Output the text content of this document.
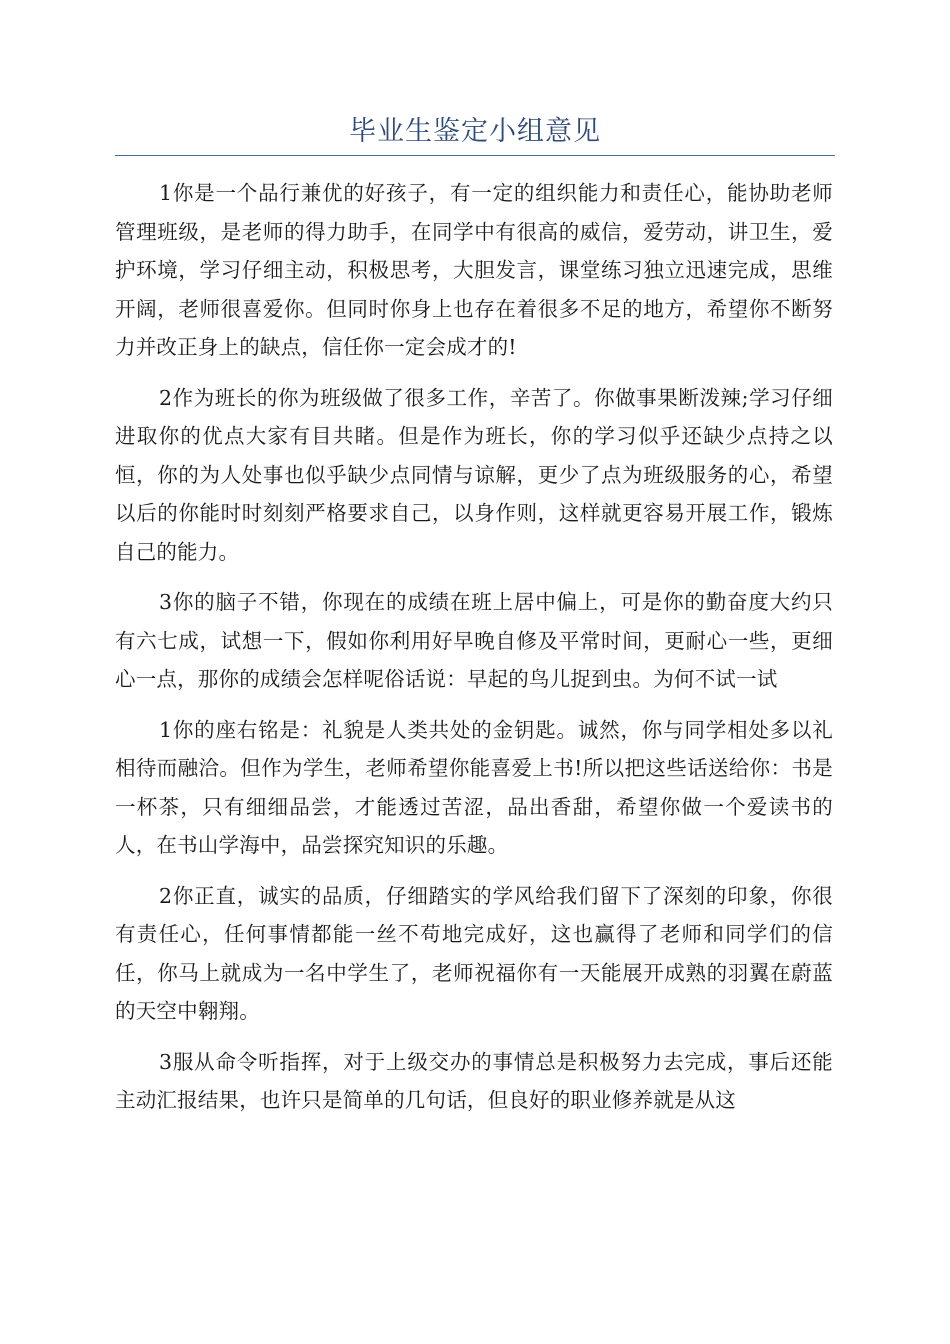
毕业生鉴定小组意见

1你是一个品行兼优的好孩子，有一定的组织能力和责任心，能协助老师管理班级，是老师的得力助手，在同学中有很高的威信，爱劳动，讲卫生，爱护环境，学习仔细主动，积极思考，大胆发言，课堂练习独立迅速完成，思维开阔，老师很喜爱你。但同时你身上也存在着很多不足的地方，希望你不断努力并改正身上的缺点，信任你一定会成才的!

2作为班长的你为班级做了很多工作，辛苦了。你做事果断泼辣;学习仔细进取你的优点大家有目共睹。但是作为班长，你的学习似乎还缺少点持之以恒，你的为人处事也似乎缺少点同情与谅解，更少了点为班级服务的心，希望以后的你能时时刻刻严格要求自己，以身作则，这样就更容易开展工作，锻炼自己的能力。

3你的脑子不错，你现在的成绩在班上居中偏上，可是你的勤奋度大约只有六七成，试想一下，假如你利用好早晚自修及平常时间，更耐心一些，更细心一点，那你的成绩会怎样呢俗话说：早起的鸟儿捉到虫。为何不试一试

1你的座右铭是：礼貌是人类共处的金钥匙。诚然，你与同学相处多以礼相待而融洽。但作为学生，老师希望你能喜爱上书!所以把这些话送给你：书是一杯茶，只有细细品尝，才能透过苦涩，品出香甜，希望你做一个爱读书的人，在书山学海中，品尝探究知识的乐趣。

2你正直，诚实的品质，仔细踏实的学风给我们留下了深刻的印象，你很有责任心，任何事情都能一丝不苟地完成好，这也赢得了老师和同学们的信任，你马上就成为一名中学生了，老师祝福你有一天能展开成熟的羽翼在蔚蓝的天空中翱翔。

3服从命令听指挥，对于上级交办的事情总是积极努力去完成，事后还能主动汇报结果，也许只是简单的几句话，但良好的职业修养就是从这
